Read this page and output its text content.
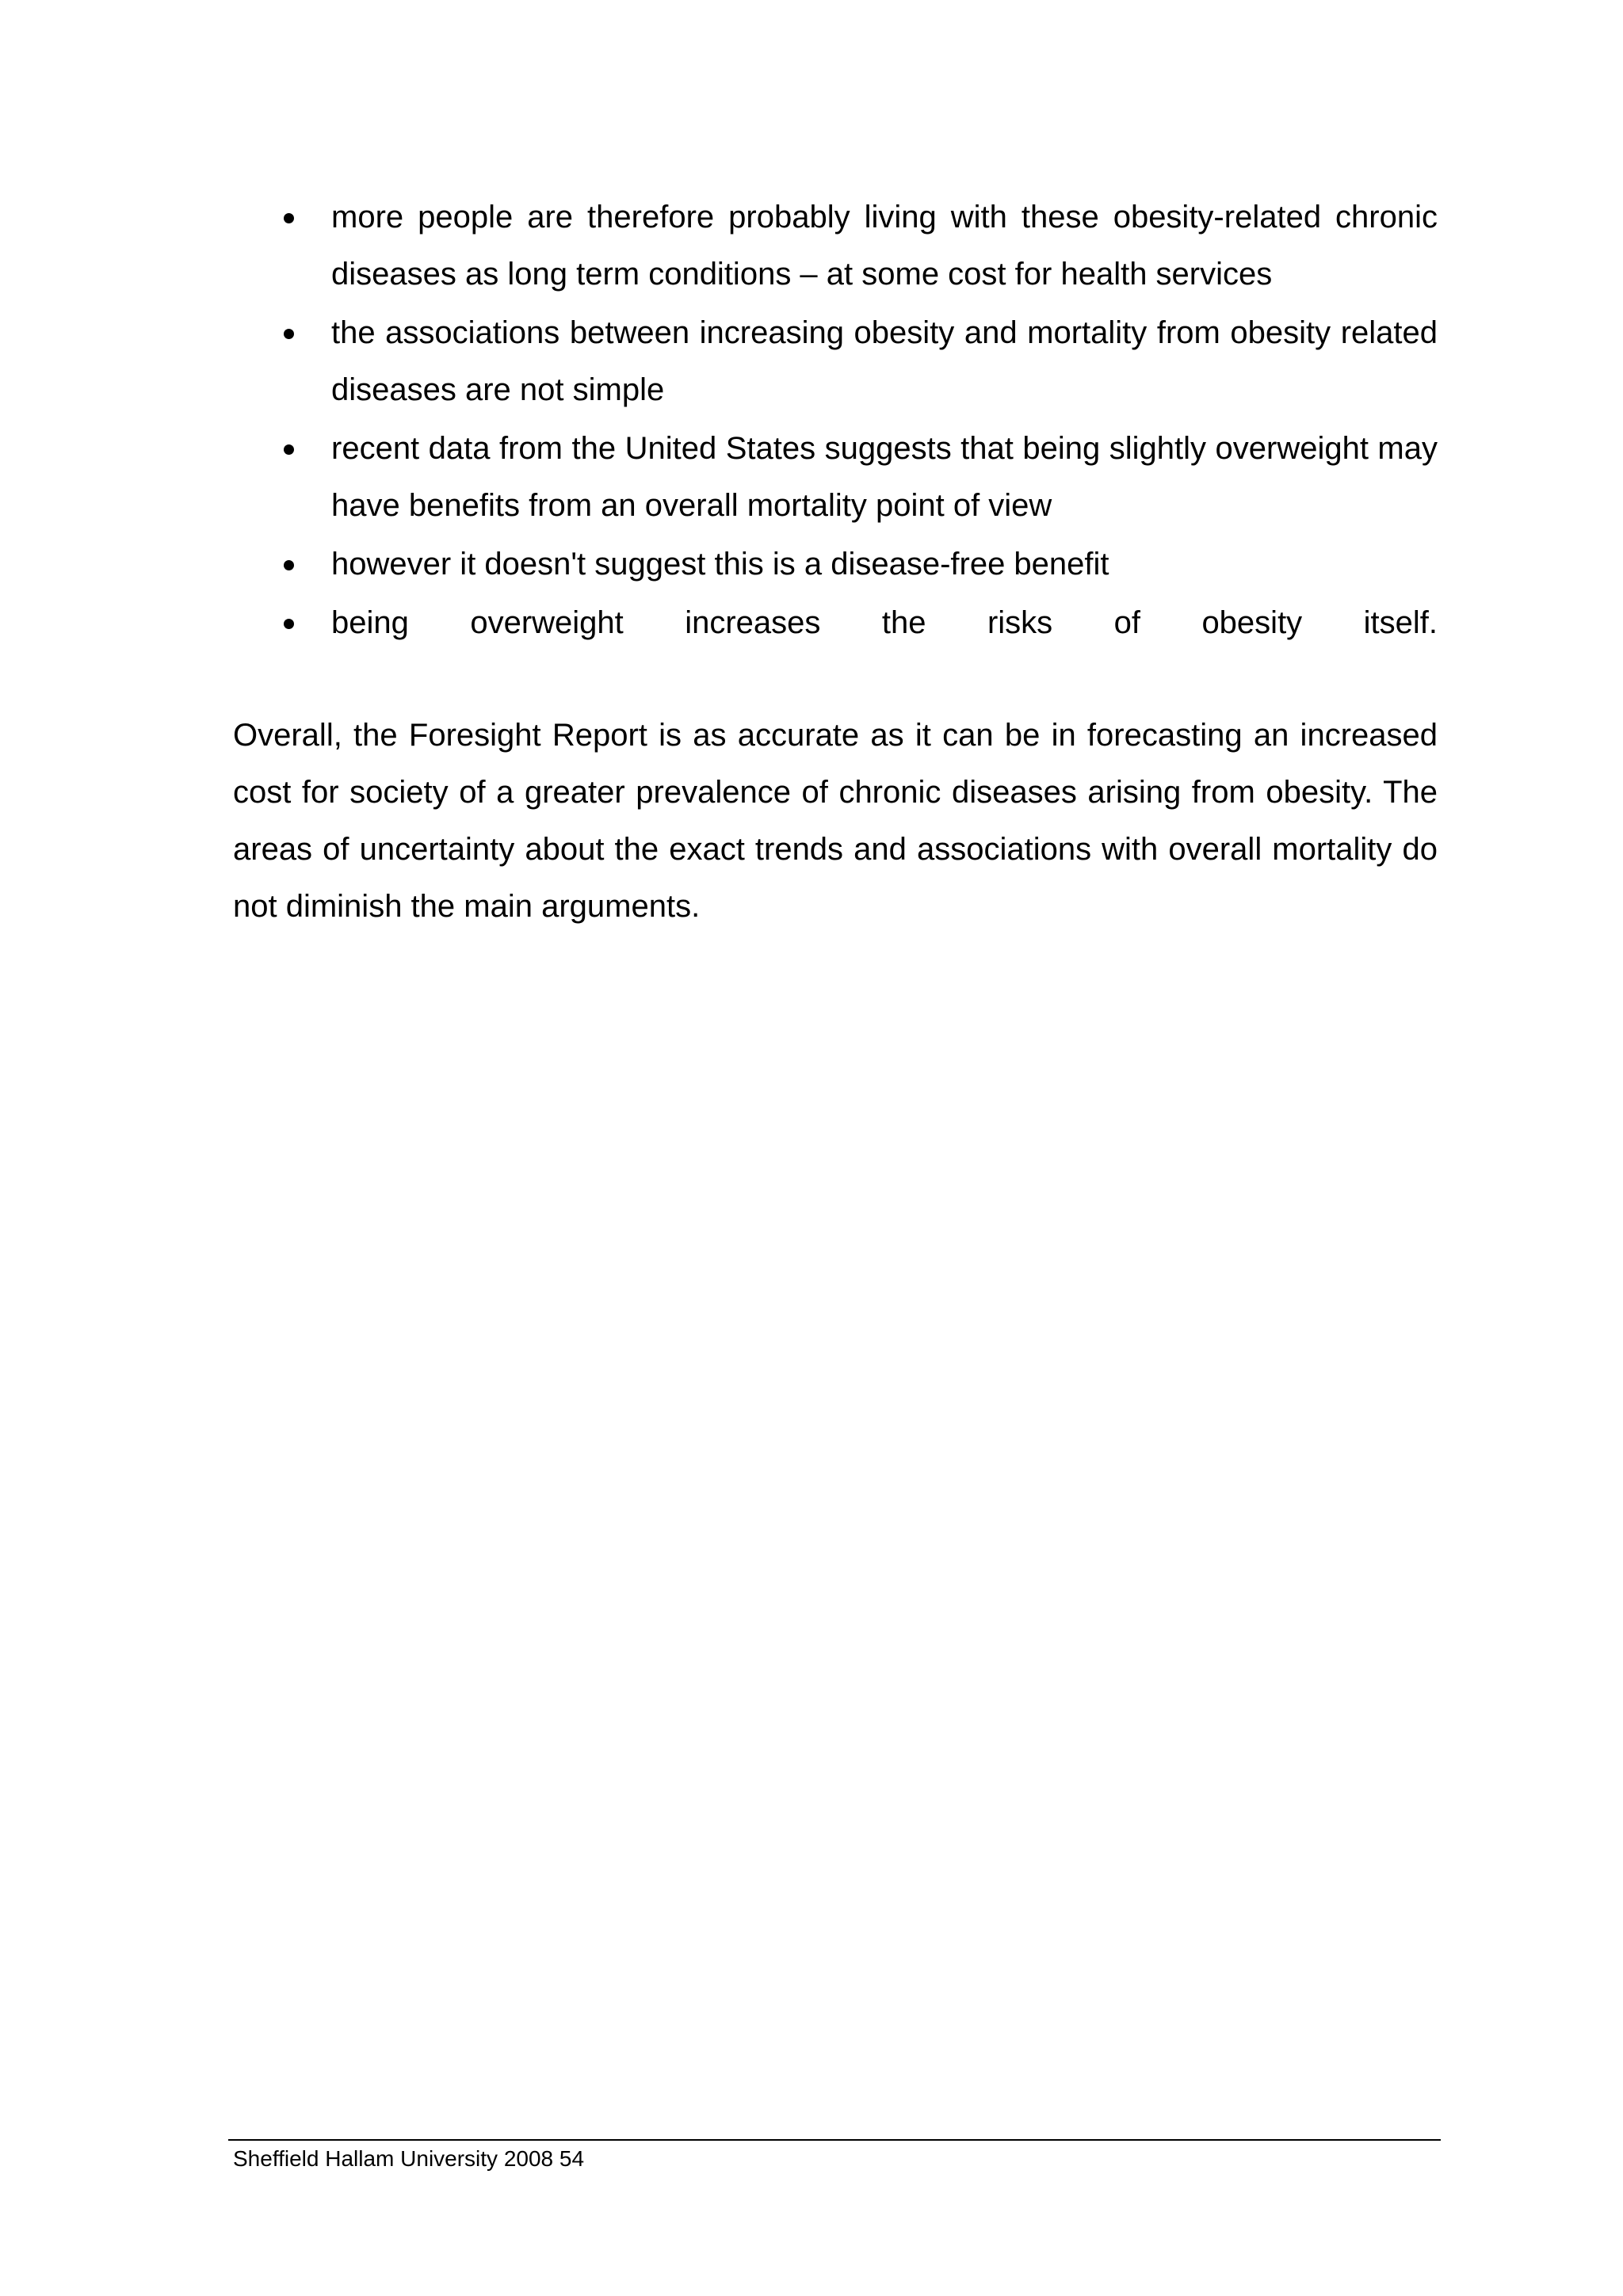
more people are therefore probably living with these obesity-related chronic diseases as long term conditions – at some cost for health services
the associations between increasing obesity and mortality from obesity related diseases are not simple
recent data from the United States suggests that being slightly overweight may have benefits from an overall mortality point of view
however it doesn't suggest this is a disease-free benefit
being overweight increases the risks of obesity itself.

Overall, the Foresight Report is as accurate as it can be in forecasting an increased cost for society of a greater prevalence of chronic diseases arising from obesity. The areas of uncertainty about the exact trends and associations with overall mortality do not diminish the main arguments.

Sheffield Hallam University 2008 54
